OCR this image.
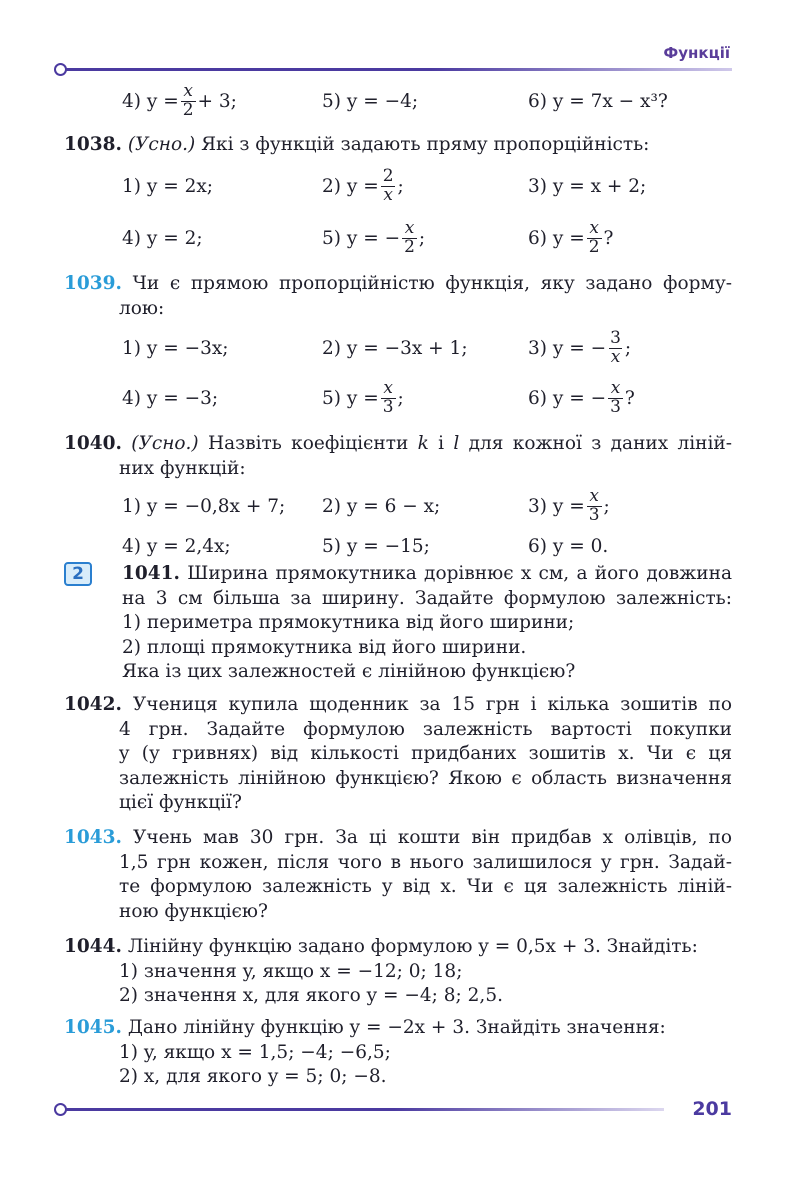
Функції
4) $y = \frac{x}{2} + 3$;	5) y = −4;	6) y = 7x − x³?
1038. (Усно.) Які з функцій задають пряму пропорційність:
1) y = 2x;	2) $y = \frac{2}{x}$ ;	3) y = x + 2;
4) y = 2;	5) y = − $\frac{x}{2}$ ;	6) $y = \frac{x}{2}$ ?
1039. Чи є прямою пропорційністю функція, яку задано форму-
лою:
1) y = −3x;	2) y = −3x + 1;	3) y = − $\frac{3}{x}$ ;
4) y = −3;	5) $y = \frac{x}{3}$ ;	6) y = − $\frac{x}{3}$ ?
1040. (Усно.) Назвіть коефіцієнти k і l для кожної з даних ліній-
них функцій:
1) y = −0,8x + 7; 2) y = 6 − x;	3) $y = \frac{x}{3}$ ;
4) y = 2,4x;	5) y = −15;	6) y = 0.
2	1041. Ширина прямокутника дорівнює x см, а його довжина
на 3 см більша за ширину. Задайте формулою залежність:
1) периметра прямокутника від його ширини;
2) площі прямокутника від його ширини.
Яка із цих залежностей є лінійною функцією?
1042. Учениця купила щоденник за 15 грн і кілька зошитів по
4 грн. Задайте формулою залежність вартості покупки
y (у гривнях) від кількості придбаних зошитів x. Чи є ця
залежність лінійною функцією? Якою є область визначення
цієї функції?
1043. Учень мав 30 грн. За ці кошти він придбав x олівців, по
1,5 грн кожен, після чого в нього залишилося y грн. Задай-
те формулою залежність y від x. Чи є ця залежність ліній-
ною функцією?
1044. Лінійну функцію задано формулою y = 0,5x + 3. Знайдіть:
1) значення y, якщо x = −12; 0; 18;
2) значення x, для якого y = −4; 8; 2,5.
1045. Дано лінійну функцію y = −2x + 3. Знайдіть значення:
1) y, якщо x = 1,5; −4; −6,5;
2) x, для якого y = 5; 0; −8.
201
